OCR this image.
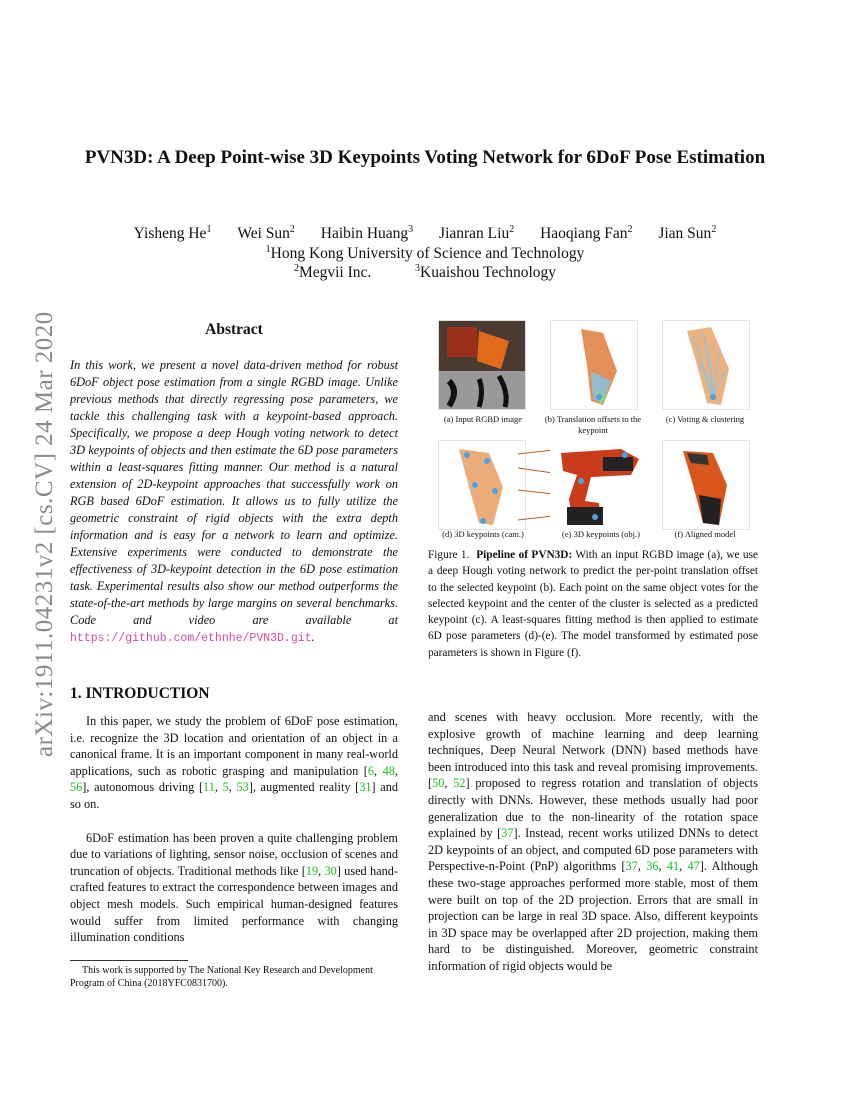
arXiv:1911.04231v2 [cs.CV] 24 Mar 2020
PVN3D: A Deep Point-wise 3D Keypoints Voting Network for 6DoF Pose Estimation
Yisheng He$^1$ Wei Sun$^2$ Haibin Huang$^3$ Jianran Liu$^2$ Haoqiang Fan$^2$ Jian Sun$^2$
$^1$Hong Kong University of Science and Technology
$^2$Megvii Inc.	$^3$Kuaishou Technology
Abstract
In this work, we present a novel data-driven method for robust 6DoF object pose estimation from a single RGBD image. Unlike previous methods that directly regressing pose parameters, we tackle this challenging task with a keypoint-based approach. Specifically, we propose a deep Hough voting network to detect 3D keypoints of objects and then estimate the 6D pose parameters within a least-squares fitting manner. Our method is a natural extension of 2D-keypoint approaches that successfully work on RGB based 6DoF estimation. It allows us to fully utilize the geometric constraint of rigid objects with the extra depth information and is easy for a network to learn and optimize. Extensive experiments were conducted to demonstrate the effectiveness of 3D-keypoint detection in the 6D pose estimation task. Experimental results also show our method outperforms the state-of-the-art methods by large margins on several benchmarks. Code and video are available at https://github.com/ethnhe/PVN3D.git.
(a) Input RGBD image	(b) Translation offsets to the keypoint
(c) Voting & clustering
(d) 3D keypoints (cam.)	(e) 3D keypoints (obj.)	(f) Aligned model
Figure 1. Pipeline of PVN3D: With an input RGBD image (a), we use a deep Hough voting network to predict the per-point translation offset to the selected keypoint (b). Each point on the same object votes for the selected keypoint and the center of the cluster is selected as a predicted keypoint (c). A least-squares fitting method is then applied to estimate 6D pose parameters (d)-(e). The model transformed by estimated pose parameters is shown in Figure (f).
1. INTRODUCTION

In this paper, we study the problem of 6DoF pose estimation, i.e. recognize the 3D location and orientation of an object in a canonical frame. It is an important component in many real-world applications, such as robotic grasping and manipulation [6, 48, 56], autonomous driving [11, 5, 53], augmented reality [31] and so on.

6DoF estimation has been proven a quite challenging problem due to variations of lighting, sensor noise, occlusion of scenes and truncation of objects. Traditional methods like [19, 30] used hand-crafted features to extract the correspondence between images and object mesh models. Such empirical human-designed features would suffer from limited performance with changing illumination conditions

This work is supported by The National Key Research and Development Program of China (2018YFC0831700).
and scenes with heavy occlusion. More recently, with the explosive growth of machine learning and deep learning techniques, Deep Neural Network (DNN) based methods have been introduced into this task and reveal promising improvements. [50, 52] proposed to regress rotation and translation of objects directly with DNNs. However, these methods usually had poor generalization due to the non-linearity of the rotation space explained by [37]. Instead, recent works utilized DNNs to detect 2D keypoints of an object, and computed 6D pose parameters with Perspective-n-Point (PnP) algorithms [37, 36, 41, 47]. Although these two-stage approaches performed more stable, most of them were built on top of the 2D projection. Errors that are small in projection can be large in real 3D space. Also, different keypoints in 3D space may be overlapped after 2D projection, making them hard to be distinguished. Moreover, geometric constraint information of rigid objects would be
